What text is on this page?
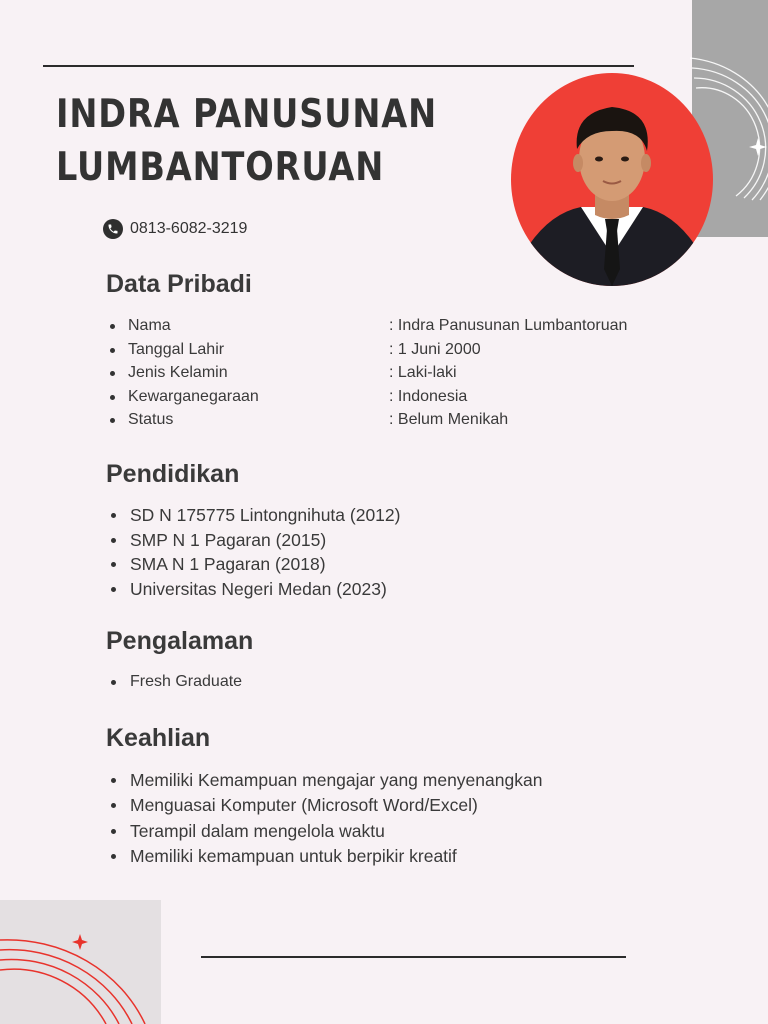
INDRA PANUSUNAN
LUMBANTORUAN
0813-6082-3219
Data Pribadi
Nama	: Indra Panusunan Lumbantoruan
Tanggal Lahir	: 1 Juni 2000
Jenis Kelamin	: Laki-laki
Kewarganegaraan	: Indonesia
Status	: Belum Menikah
Pendidikan
SD N 175775 Lintongnihuta (2012)
SMP N 1 Pagaran (2015)
SMA N 1 Pagaran (2018)
Universitas Negeri Medan (2023)
Pengalaman
Fresh Graduate
Keahlian
Memiliki Kemampuan mengajar yang menyenangkan
Menguasai Komputer (Microsoft Word/Excel)
Terampil dalam mengelola waktu
Memiliki kemampuan untuk berpikir kreatif
